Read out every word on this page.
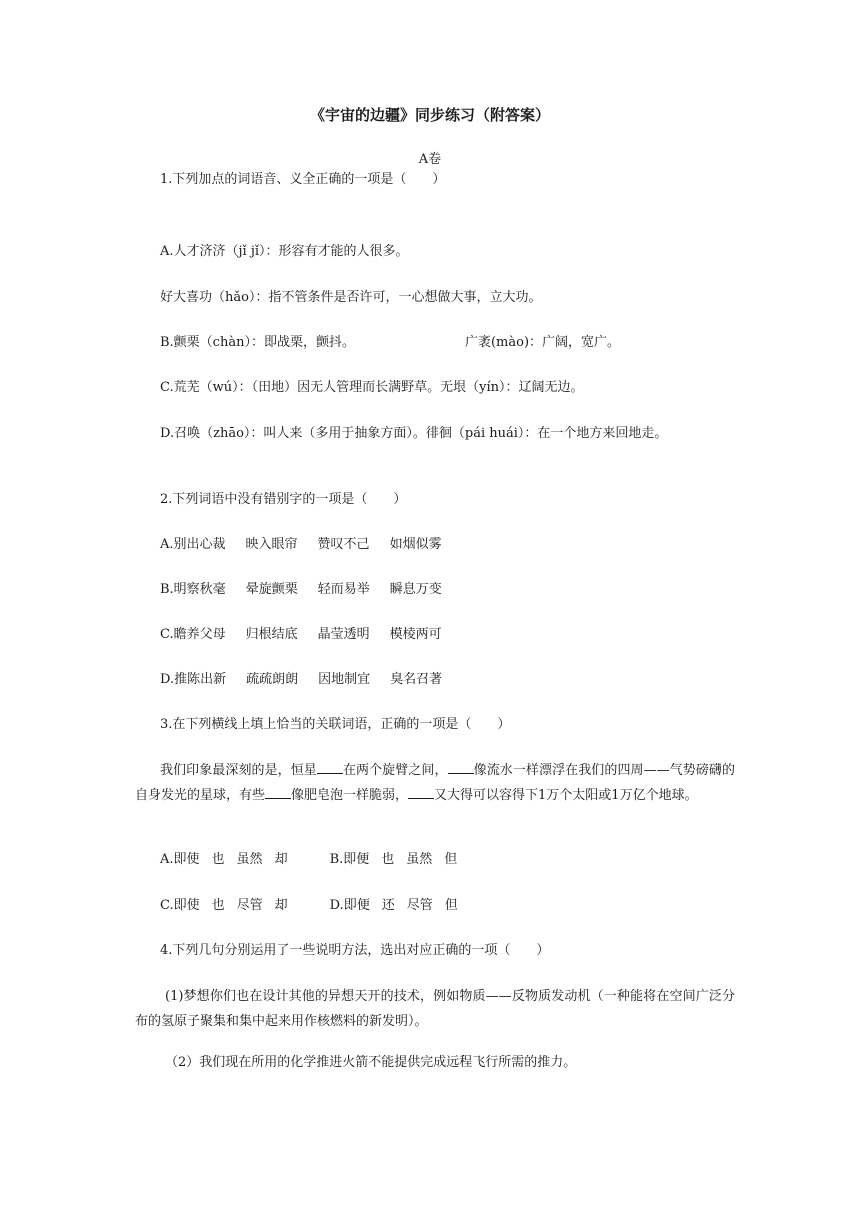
《宇宙的边疆》同步练习（附答案）
A卷
1.下列加点的词语音、义全正确的一项是（　　）
A.人才济济（jǐ jǐ）：形容有才能的人很多。
好大喜功（hǎo）：指不管条件是否许可，一心想做大事，立大功。
B.颤栗（chàn）：即战栗，颤抖。	广袤(mào)：广阔，宽广。
C.荒芜（wú）：（田地）因无人管理而长满野草。无垠（yín）：辽阔无边。
D.召唤（zhāo）：叫人来（多用于抽象方面）。徘徊（pái huái）：在一个地方来回地走。
2.下列词语中没有错别字的一项是（　　）
A.别出心裁 映入眼帘 赞叹不己 如烟似雾
B.明察秋毫 晕旋颤栗 轻而易举 瞬息万变
C.瞻养父母 归根结底 晶莹透明 模棱两可
D.推陈出新 疏疏朗朗 因地制宜 臭名召著
3.在下列横线上填上恰当的关联词语，正确的一项是（　　）
我们印象最深刻的是，恒星 在两个旋臂之间， 像流水一样漂浮在我们的四周——气势磅礴的自身发光的星球，有些 像肥皂泡一样脆弱， 又大得可以容得下1万个太阳或1万亿个地球。
A.即使 也 虽然 却	B.即便 也 虽然 但
C.即使 也 尽管 却	D.即便 还 尽管 但
4.下列几句分别运用了一些说明方法，选出对应正确的一项（　　）
(1)梦想你们也在设计其他的异想天开的技术，例如物质——反物质发动机（一种能将在空间广泛分布的氢原子聚集和集中起来用作核燃料的新发明）。
（2）我们现在所用的化学推进火箭不能提供完成远程飞行所需的推力。
